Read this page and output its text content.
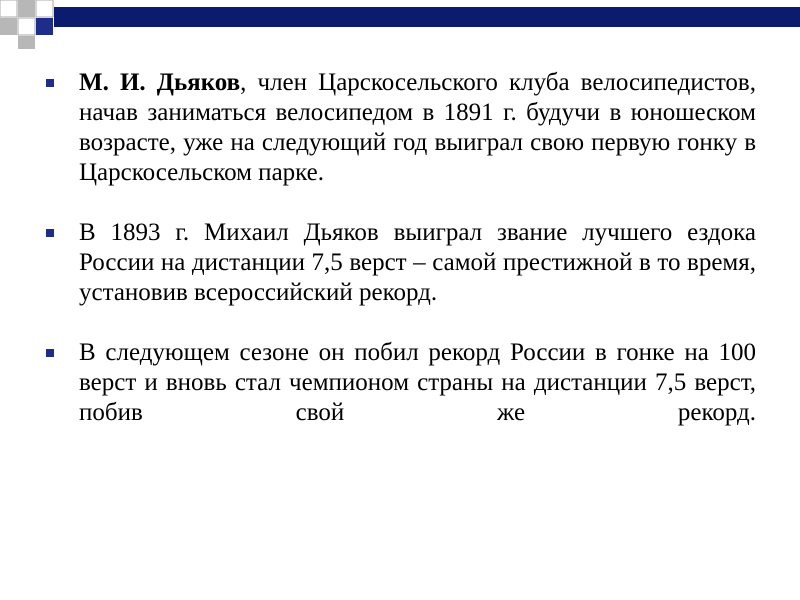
М. И. Дьяков, член Царскосельского клуба велосипедистов, начав заниматься велосипедом в 1891 г. будучи в юношеском возрасте, уже на следующий год выиграл свою первую гонку в Царскосельском парке.
В 1893 г. Михаил Дьяков выиграл звание лучшего ездока России на дистанции 7,5 верст – самой престижной в то время, установив всероссийский рекорд.
В следующем сезоне он побил рекорд России в гонке на 100 верст и вновь стал чемпионом страны на дистанции 7,5 верст, побив свой же рекорд.
